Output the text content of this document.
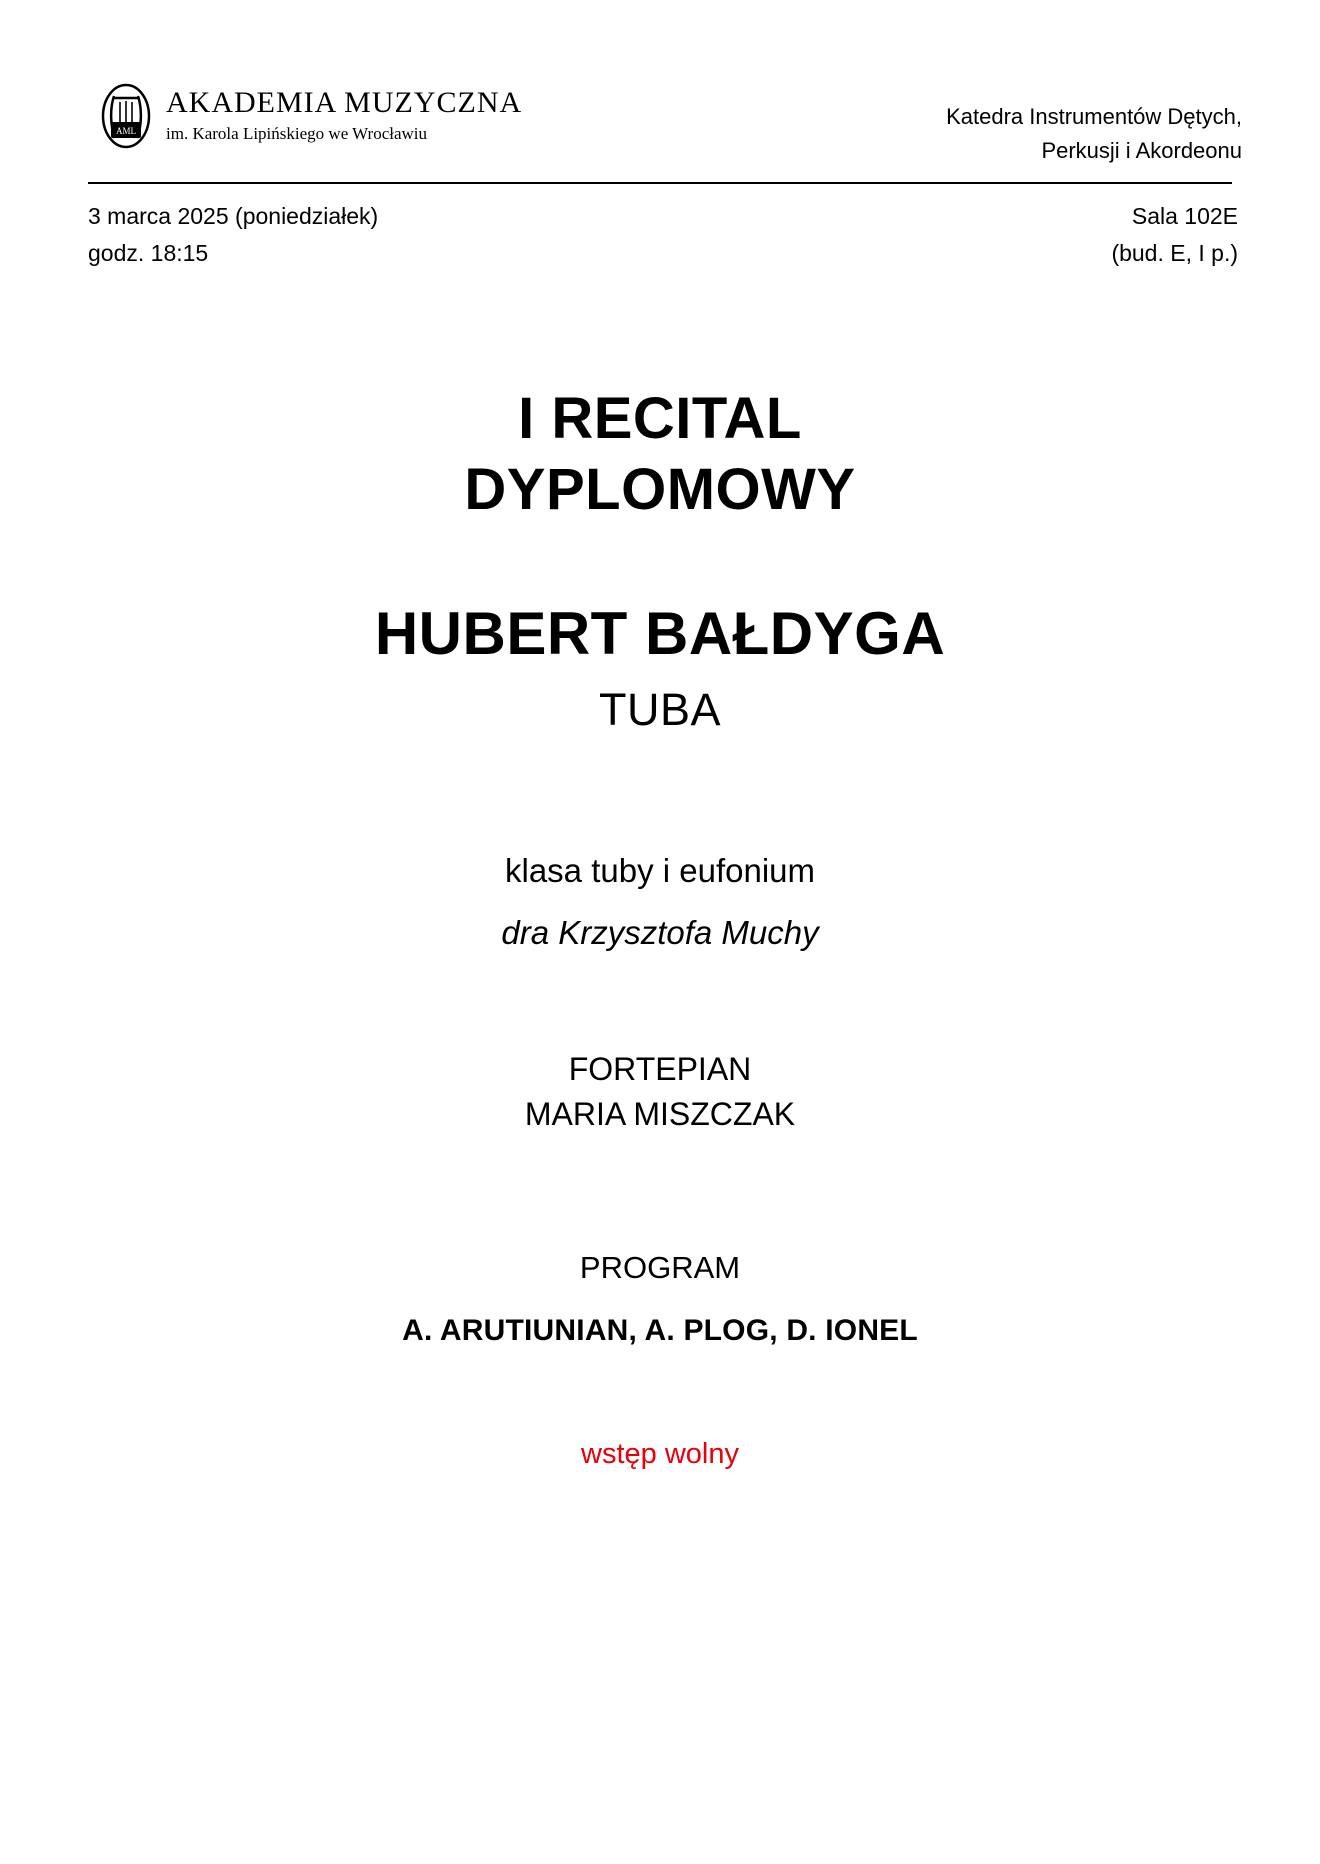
AML
AKADEMIA MUZYCZNA
im. Karola Lipińskiego we Wrocławiu
Katedra Instrumentów Dętych,
Perkusji i Akordeonu
3 marca 2025 (poniedziałek)
godz. 18:15
Sala 102E
(bud. E, I p.)
I RECITAL
DYPLOMOWY
HUBERT BAŁDYGA
TUBA
klasa tuby i eufonium
dra Krzysztofa Muchy
FORTEPIAN
MARIA MISZCZAK
PROGRAM
A. ARUTIUNIAN, A. PLOG, D. IONEL
wstęp wolny
